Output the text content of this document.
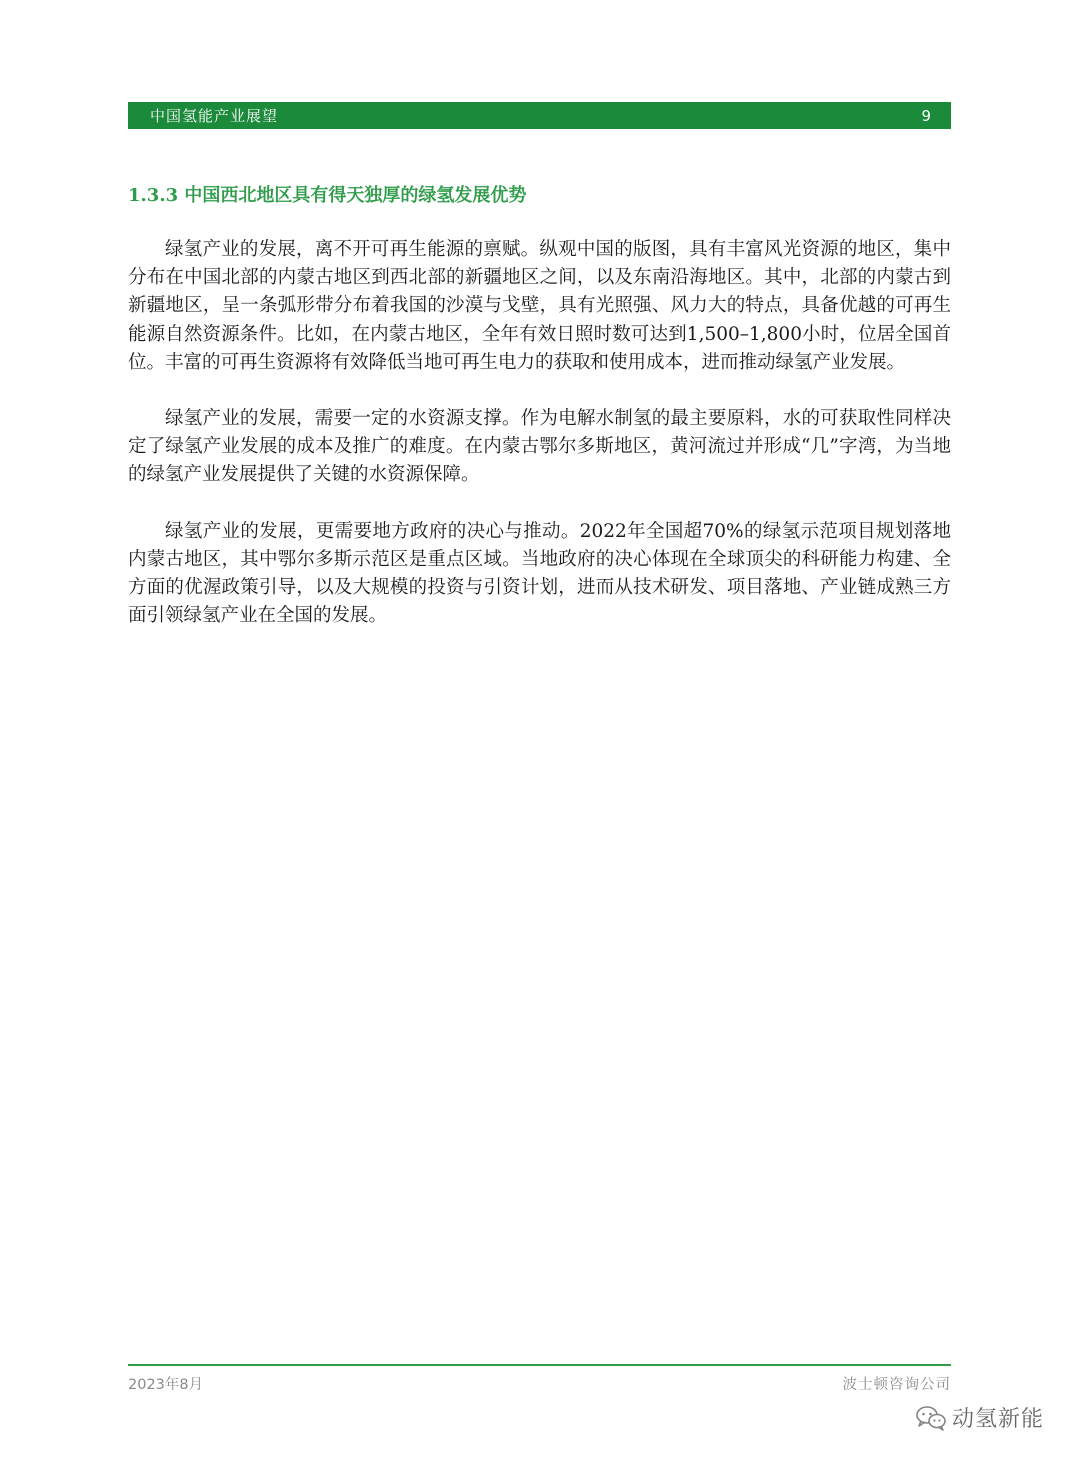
中国氢能产业展望	9
1.3.3 中国西北地区具有得天独厚的绿氢发展优势

绿氢产业的发展，离不开可再生能源的禀赋。纵观中国的版图，具有丰富风光资源的地区，集中分布在中国北部的内蒙古地区到西北部的新疆地区之间，以及东南沿海地区。其中，北部的内蒙古到新疆地区，呈一条弧形带分布着我国的沙漠与戈壁，具有光照强、风力大的特点，具备优越的可再生能源自然资源条件。比如，在内蒙古地区，全年有效日照时数可达到1,500–1,800小时，位居全国首位。丰富的可再生资源将有效降低当地可再生电力的获取和使用成本，进而推动绿氢产业发展。

绿氢产业的发展，需要一定的水资源支撑。作为电解水制氢的最主要原料，水的可获取性同样决定了绿氢产业发展的成本及推广的难度。在内蒙古鄂尔多斯地区，黄河流过并形成“几”字湾，为当地的绿氢产业发展提供了关键的水资源保障。

绿氢产业的发展，更需要地方政府的决心与推动。2022年全国超70%的绿氢示范项目规划落地内蒙古地区，其中鄂尔多斯示范区是重点区域。当地政府的决心体现在全球顶尖的科研能力构建、全方面的优渥政策引导，以及大规模的投资与引资计划，进而从技术研发、项目落地、产业链成熟三方面引领绿氢产业在全国的发展。

2023年8月	波士顿咨询公司
动氢新能
